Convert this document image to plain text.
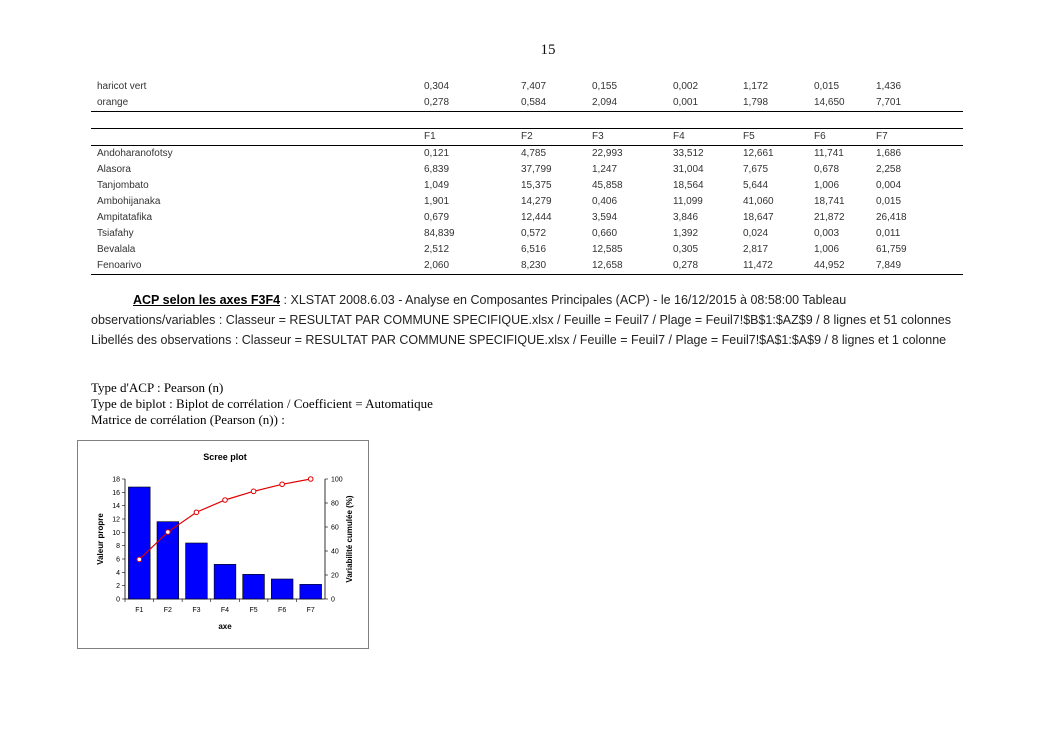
15
haricot vert	0,304	7,407	0,155	0,002	1,172	0,015	1,436
orange	0,278	0,584	2,094	0,001	1,798	14,650	7,701
	F1	F2	F3	F4	F5	F6	F7
Andoharanofotsy	0,121	4,785	22,993	33,512	12,661	11,741	1,686
Alasora	6,839	37,799	1,247	31,004	7,675	0,678	2,258
Tanjombato	1,049	15,375	45,858	18,564	5,644	1,006	0,004
Ambohijanaka	1,901	14,279	0,406	11,099	41,060	18,741	0,015
Ampitatafika	0,679	12,444	3,594	3,846	18,647	21,872	26,418
Tsiafahy	84,839	0,572	0,660	1,392	0,024	0,003	0,011
Bevalala	2,512	6,516	12,585	0,305	2,817	1,006	61,759
Fenoarivo	2,060	8,230	12,658	0,278	11,472	44,952	7,849
ACP selon les axes F3F4 : XLSTAT 2008.6.03 - Analyse en Composantes Principales (ACP) - le 16/12/2015 à 08:58:00 Tableau observations/variables : Classeur = RESULTAT PAR COMMUNE SPECIFIQUE.xlsx / Feuille = Feuil7 / Plage = Feuil7!$B$1:$AZ$9 / 8 lignes et 51 colonnes Libellés des observations : Classeur = RESULTAT PAR COMMUNE SPECIFIQUE.xlsx / Feuille = Feuil7 / Plage = Feuil7!$A$1:$A$9 / 8 lignes et 1 colonne
Type d'ACP : Pearson (n)
Type de biplot : Biplot de corrélation / Coefficient = Automatique
Matrice de corrélation (Pearson (n)) :
Scree plot
0
2
4
6
8
10
12
14
16
18
0
20
40
60
80
100
F1	F2	F3	F4	F5	F6	F7
axe
Valeur propre	Variabilité cumulée (%)
